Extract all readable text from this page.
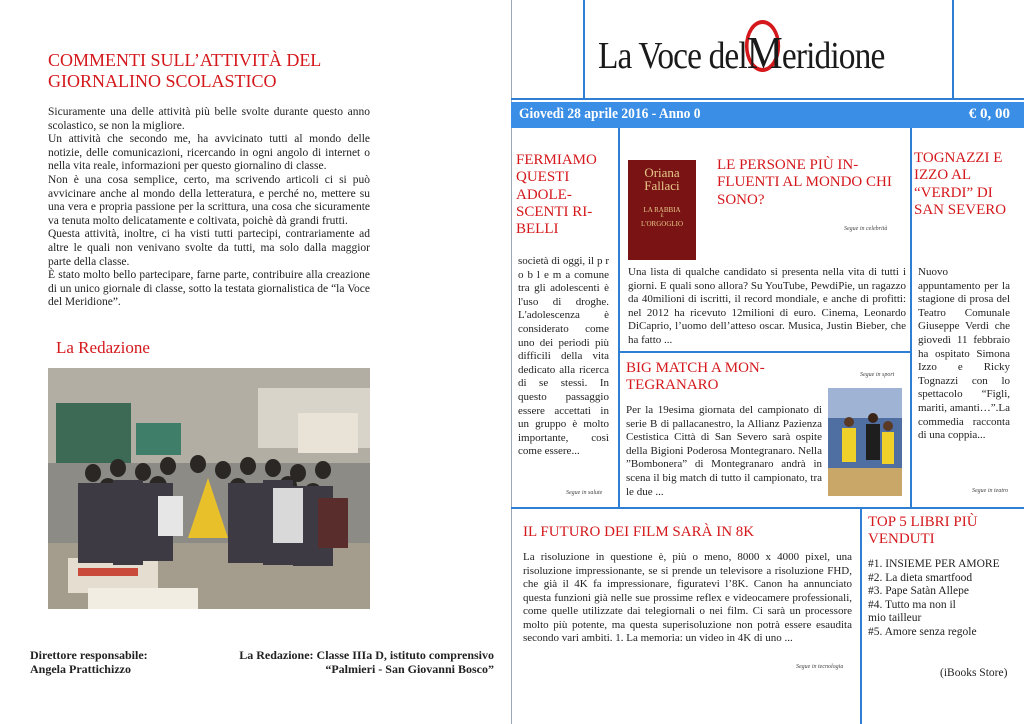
COMMENTI SULL’ATTIVITÀ DEL GIORNALINO SCOLASTICO

Sicuramente una delle attività più belle svolte durante questo anno scolastico, se non la migliore.

Un attività che secondo me, ha avvicinato tutti al mondo delle notizie, delle comunicazioni, ricercando in ogni angolo di internet o nella vita reale, informazioni per questo giornalino di classe.

Non è una cosa semplice, certo, ma scrivendo articoli ci si può avvicinare anche al mondo della letteratura, e perché no, mettere su una vera e propria passione per la scrittura, una cosa che sicuramente va tenuta molto delicatamente e coltivata, poichè dà grandi frutti.

Questa attività, inoltre, ci ha visti tutti partecipi, contrariamente ad altre le quali non venivano svolte da tutti, ma solo dalla maggior parte della classe.

È stato molto bello partecipare, farne parte, contribuire alla creazione di un unico giornale di classe, sotto la testata giornalistica de “la Voce del Meridione”.

La Redazione
Direttore responsabile:
Angela Prattichizzo
La Redazione: Classe IIIa D, istituto comprensivo
“Palmieri - San Giovanni Bosco”
La Voce del
Meridione
Giovedì 28 aprile 2016 - Anno 0	€ 0, 00
FERMIAMO QUESTI ADOLE-SCENTI RI-BELLI

società di oggi, il p r o b l e m a comune tra gli adolescenti è l'uso di droghe. L'adolescenza è considerato come uno dei periodi più difficili della vita dedicato alla ricerca di se stessi. In questo passaggio essere accettati in un gruppo è molto importante, così come essere...

Segue in salute
Oriana
Fallaci
LA RABBIA
E
L'ORGOGLIO
LE PERSONE PIÙ IN-FLUENTI AL MONDO CHI SONO?
Segue in celebrità

Una lista di qualche candidato si presenta nella vita di tutti i giorni. E quali sono allora? Su YouTube, PewdiPie, un ragazzo da 40milioni di iscritti, il record mondiale, e anche di profitti: nel 2012 ha ricevuto 12milioni di euro. Cinema, Leonardo DiCaprio, l’uomo dell’atteso oscar. Musica, Justin Bieber, che ha fatto ...

BIG MATCH A MON-TEGRANARO
Segue in sport

Per la 19esima giornata del campionato di serie B di pallacanestro, la Allianz Pazienza Cestistica Città di San Severo sarà ospite della Bigioni Poderosa Montegranaro. Nella ”Bombonera” di Montegranaro andrà in scena il big match di tutto il campionato, tra le due ...

TOGNAZZI E IZZO AL “VERDI” DI SAN SEVERO

Nuovo appuntamento per la stagione di prosa del Teatro Comunale Giuseppe Verdi che giovedì 11 febbraio ha ospitato Simona Izzo e Ricky Tognazzi con lo spettacolo “Figli, mariti, amanti…”.La commedia racconta di una coppia...

Segue in teatro
IL FUTURO DEI FILM SARÀ IN 8K

La risoluzione in questione è, più o meno, 8000 x 4000 pixel, una risoluzione impressionante, se si prende un televisore a risoluzione FHD, che già il 4K fa impressionare, figuratevi l’8K. Canon ha annunciato questa funzioni già nelle sue prossime reflex e videocamere professionali, come quelle utilizzate dai telegiornali o nei film. Ci sarà un processore molto più potente, ma questa superisoluzione non potrà essere esaudita secondo vari ambiti. 1. La memoria: un video in 4K di uno ...

Segue in tecnologia
TOP 5 LIBRI PIÙ VENDUTI
#1. INSIEME PER AMORE
#2. La dieta smartfood
#3. Pape Satàn Allepe
#4. Tutto ma non il mio tailleur
#5. Amore senza regole
(iBooks Store)
